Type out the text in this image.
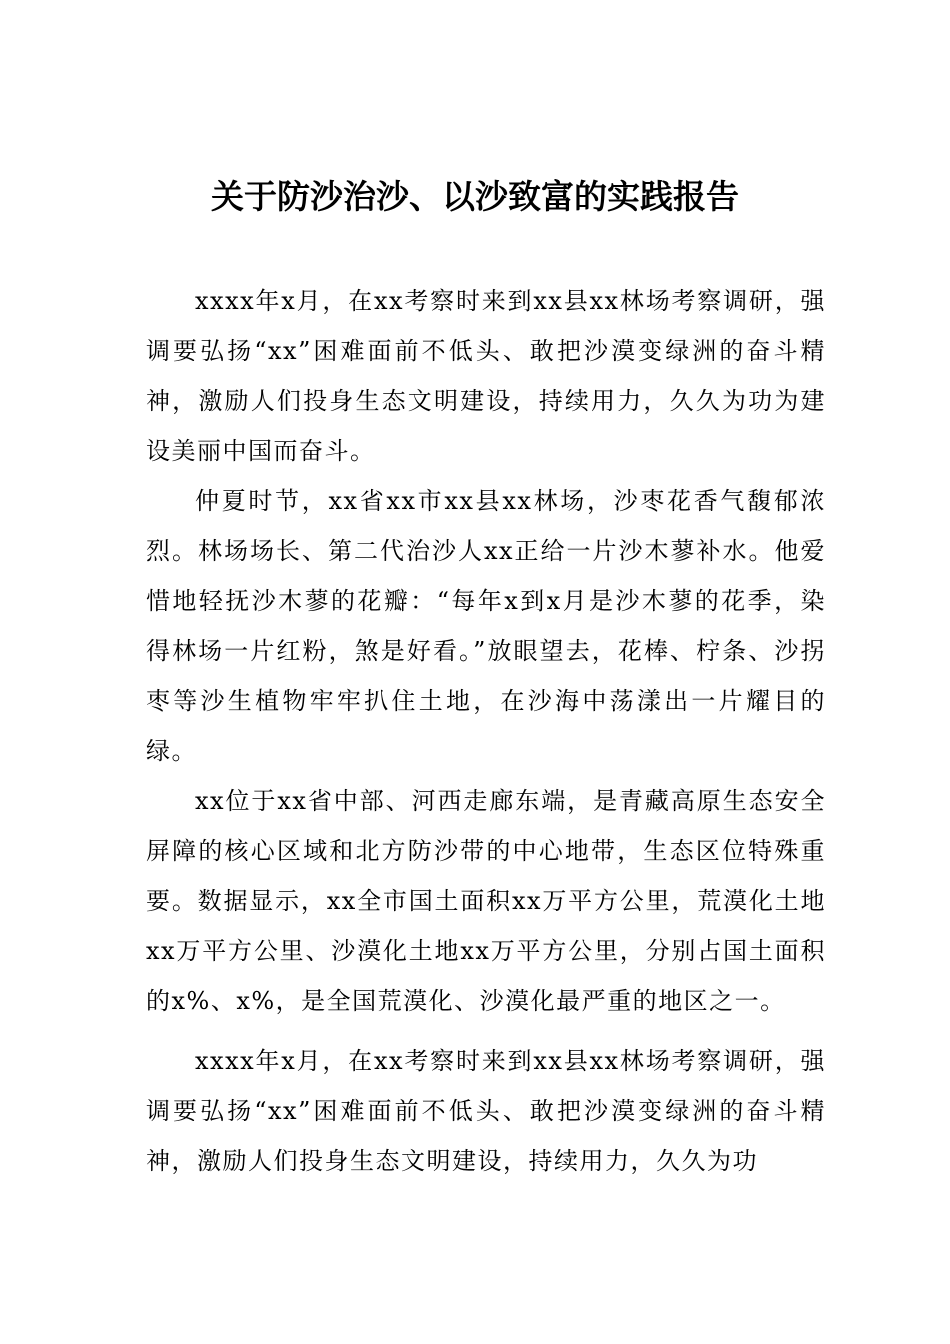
关于防沙治沙、以沙致富的实践报告

xxxx年x月，在xx考察时来到xx县xx林场考察调研，强调要弘扬“xx”困难面前不低头、敢把沙漠变绿洲的奋斗精神，激励人们投身生态文明建设，持续用力，久久为功为建设美丽中国而奋斗。

仲夏时节，xx省xx市xx县xx林场，沙枣花香气馥郁浓烈。林场场长、第二代治沙人xx正给一片沙木蓼补水。他爱惜地轻抚沙木蓼的花瓣：“每年x到x月是沙木蓼的花季，染得林场一片红粉，煞是好看。”放眼望去，花棒、柠条、沙拐枣等沙生植物牢牢扒住土地，在沙海中荡漾出一片耀目的绿。

xx位于xx省中部、河西走廊东端，是青藏高原生态安全屏障的核心区域和北方防沙带的中心地带，生态区位特殊重要。数据显示，xx全市国土面积xx万平方公里，荒漠化土地xx万平方公里、沙漠化土地xx万平方公里，分别占国土面积的x%、x%，是全国荒漠化、沙漠化最严重的地区之一。

xxxx年x月，在xx考察时来到xx县xx林场考察调研，强调要弘扬“xx”困难面前不低头、敢把沙漠变绿洲的奋斗精神，激励人们投身生态文明建设，持续用力，久久为功
